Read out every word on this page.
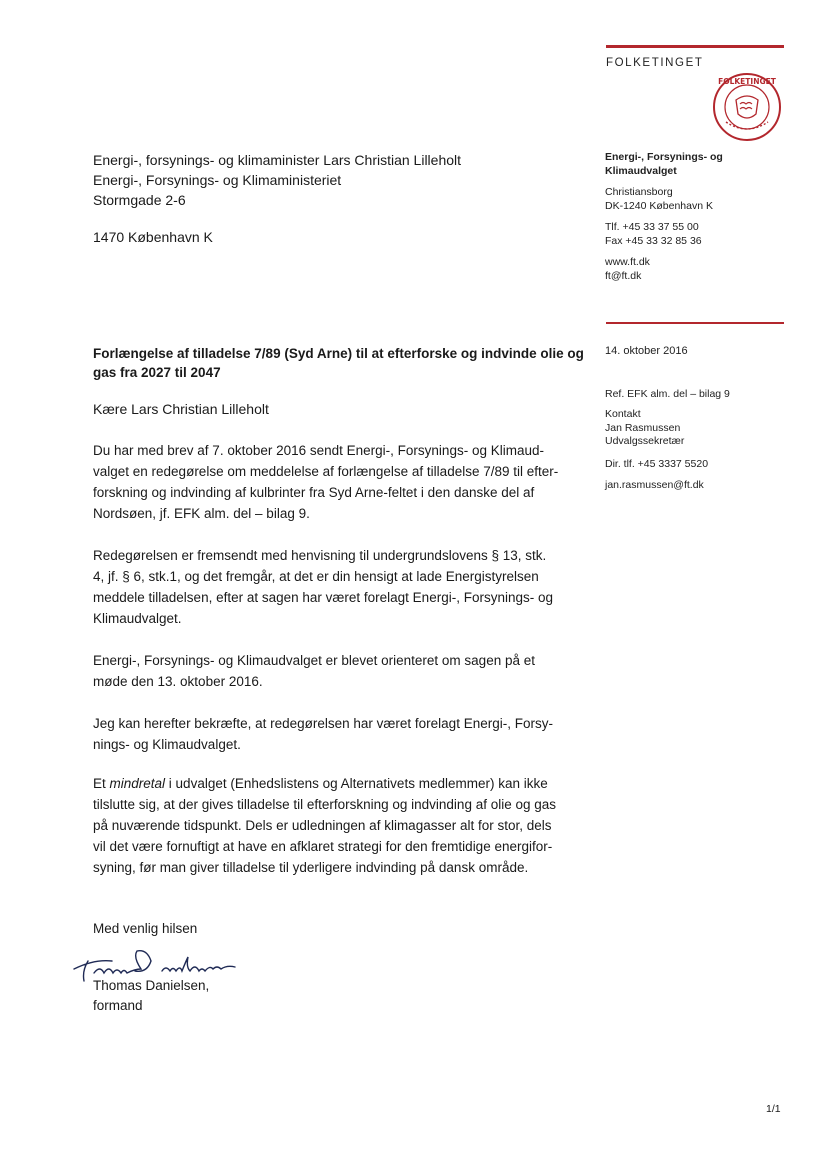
FOLKETINGET
FOLKETINGET
Energi-, forsynings- og klimaminister Lars Christian Lilleholt
Energi-, Forsynings- og Klimaministeriet
Stormgade 2-6
1470 København K
Energi-, Forsynings- og
Klimaudvalget
Christiansborg
DK-1240 København K
Tlf. +45 33 37 55 00
Fax +45 33 32 85 36
www.ft.dk
ft@ft.dk
14. oktober 2016
Ref. EFK alm. del – bilag 9
Kontakt
Jan Rasmussen
Udvalgssekretær
Dir. tlf. +45 3337 5520
jan.rasmussen@ft.dk
Forlængelse af tilladelse 7/89 (Syd Arne) til at efterforske og indvinde olie og
gas fra 2027 til 2047
Kære Lars Christian Lilleholt
Du har med brev af 7. oktober 2016 sendt Energi-, Forsynings- og Klimaud-
valget en redegørelse om meddelelse af forlængelse af tilladelse 7/89 til efter-
forskning og indvinding af kulbrinter fra Syd Arne-feltet i den danske del af
Nordsøen, jf. EFK alm. del – bilag 9.
Redegørelsen er fremsendt med henvisning til undergrundslovens § 13, stk.
4, jf. § 6, stk.1, og det fremgår, at det er din hensigt at lade Energistyrelsen
meddele tilladelsen, efter at sagen har været forelagt Energi-, Forsynings- og
Klimaudvalget.
Energi-, Forsynings- og Klimaudvalget er blevet orienteret om sagen på et
møde den 13. oktober 2016.
Jeg kan herefter bekræfte, at redegørelsen har været forelagt Energi-, Forsy-
nings- og Klimaudvalget.
Et mindretal i udvalget (Enhedslistens og Alternativets medlemmer) kan ikke
tilslutte sig, at der gives tilladelse til efterforskning og indvinding af olie og gas
på nuværende tidspunkt. Dels er udledningen af klimagasser alt for stor, dels
vil det være fornuftigt at have en afklaret strategi for den fremtidige energifor-
syning, før man giver tilladelse til yderligere indvinding på dansk område.
Med venlig hilsen
Thomas Danielsen,
formand
1/1
